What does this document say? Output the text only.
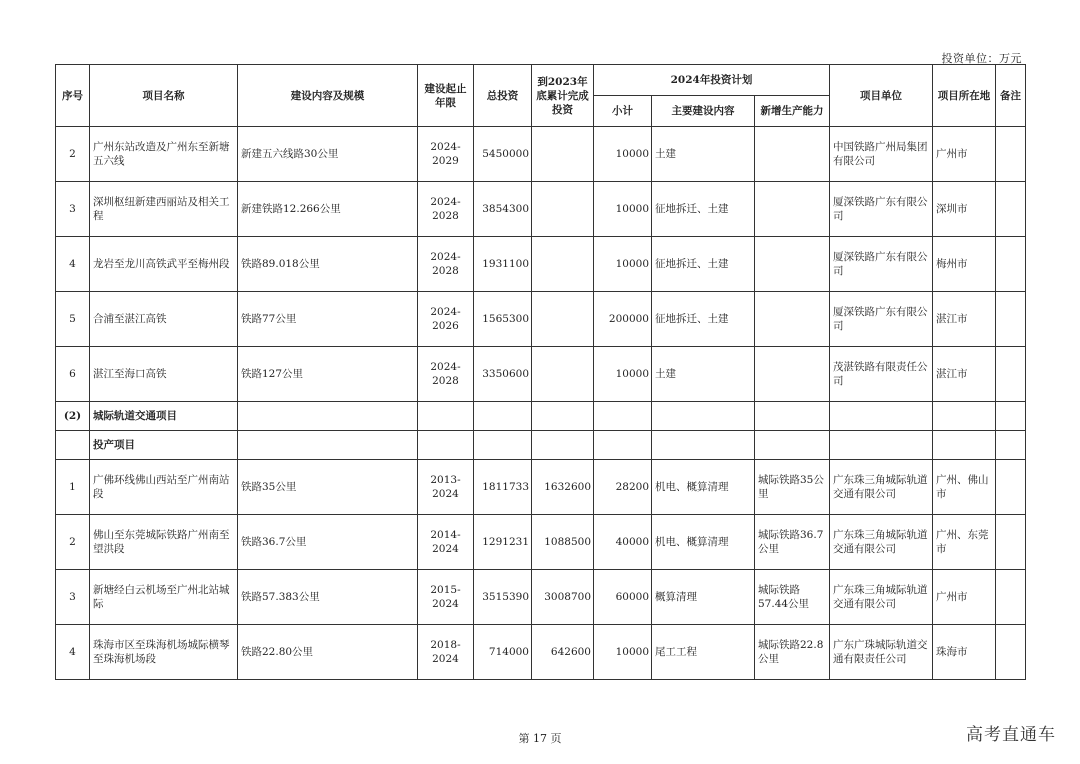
投资单位：万元
序号	项目名称	建设内容及规模	建设起止年限	总投资	到2023年底累计完成投资	2024年投资计划			项目单位	项目所在地	备注
						小计	主要建设内容	新增生产能力			
2	广州东站改造及广州东至新塘五六线	新建五六线路30公里	2024-2029	5450000		10000	土建		中国铁路广州局集团有限公司	广州市	
3	深圳枢纽新建西丽站及相关工程	新建铁路12.266公里	2024-2028	3854300		10000	征地拆迁、土建		厦深铁路广东有限公司	深圳市	
4	龙岩至龙川高铁武平至梅州段	铁路89.018公里	2024-2028	1931100		10000	征地拆迁、土建		厦深铁路广东有限公司	梅州市	
5	合浦至湛江高铁	铁路77公里	2024-2026	1565300		200000	征地拆迁、土建		厦深铁路广东有限公司	湛江市	
6	湛江至海口高铁	铁路127公里	2024-2028	3350600		10000	土建		茂湛铁路有限责任公司	湛江市	
(2)	城际轨道交通项目										
	投产项目										
1	广佛环线佛山西站至广州南站段	铁路35公里	2013-2024	1811733	1632600	28200	机电、概算清理	城际铁路35公里	广东珠三角城际轨道交通有限公司	广州、佛山市	
2	佛山至东莞城际铁路广州南至望洪段	铁路36.7公里	2014-2024	1291231	1088500	40000	机电、概算清理	城际铁路36.7公里	广东珠三角城际轨道交通有限公司	广州、东莞市	
3	新塘经白云机场至广州北站城际	铁路57.383公里	2015-2024	3515390	3008700	60000	概算清理	城际铁路57.44公里	广东珠三角城际轨道交通有限公司	广州市	
4	珠海市区至珠海机场城际横琴至珠海机场段	铁路22.80公里	2018-2024	714000	642600	10000	尾工工程	城际铁路22.8公里	广东广珠城际轨道交通有限责任公司	珠海市	
第 17 页	高考直通车
